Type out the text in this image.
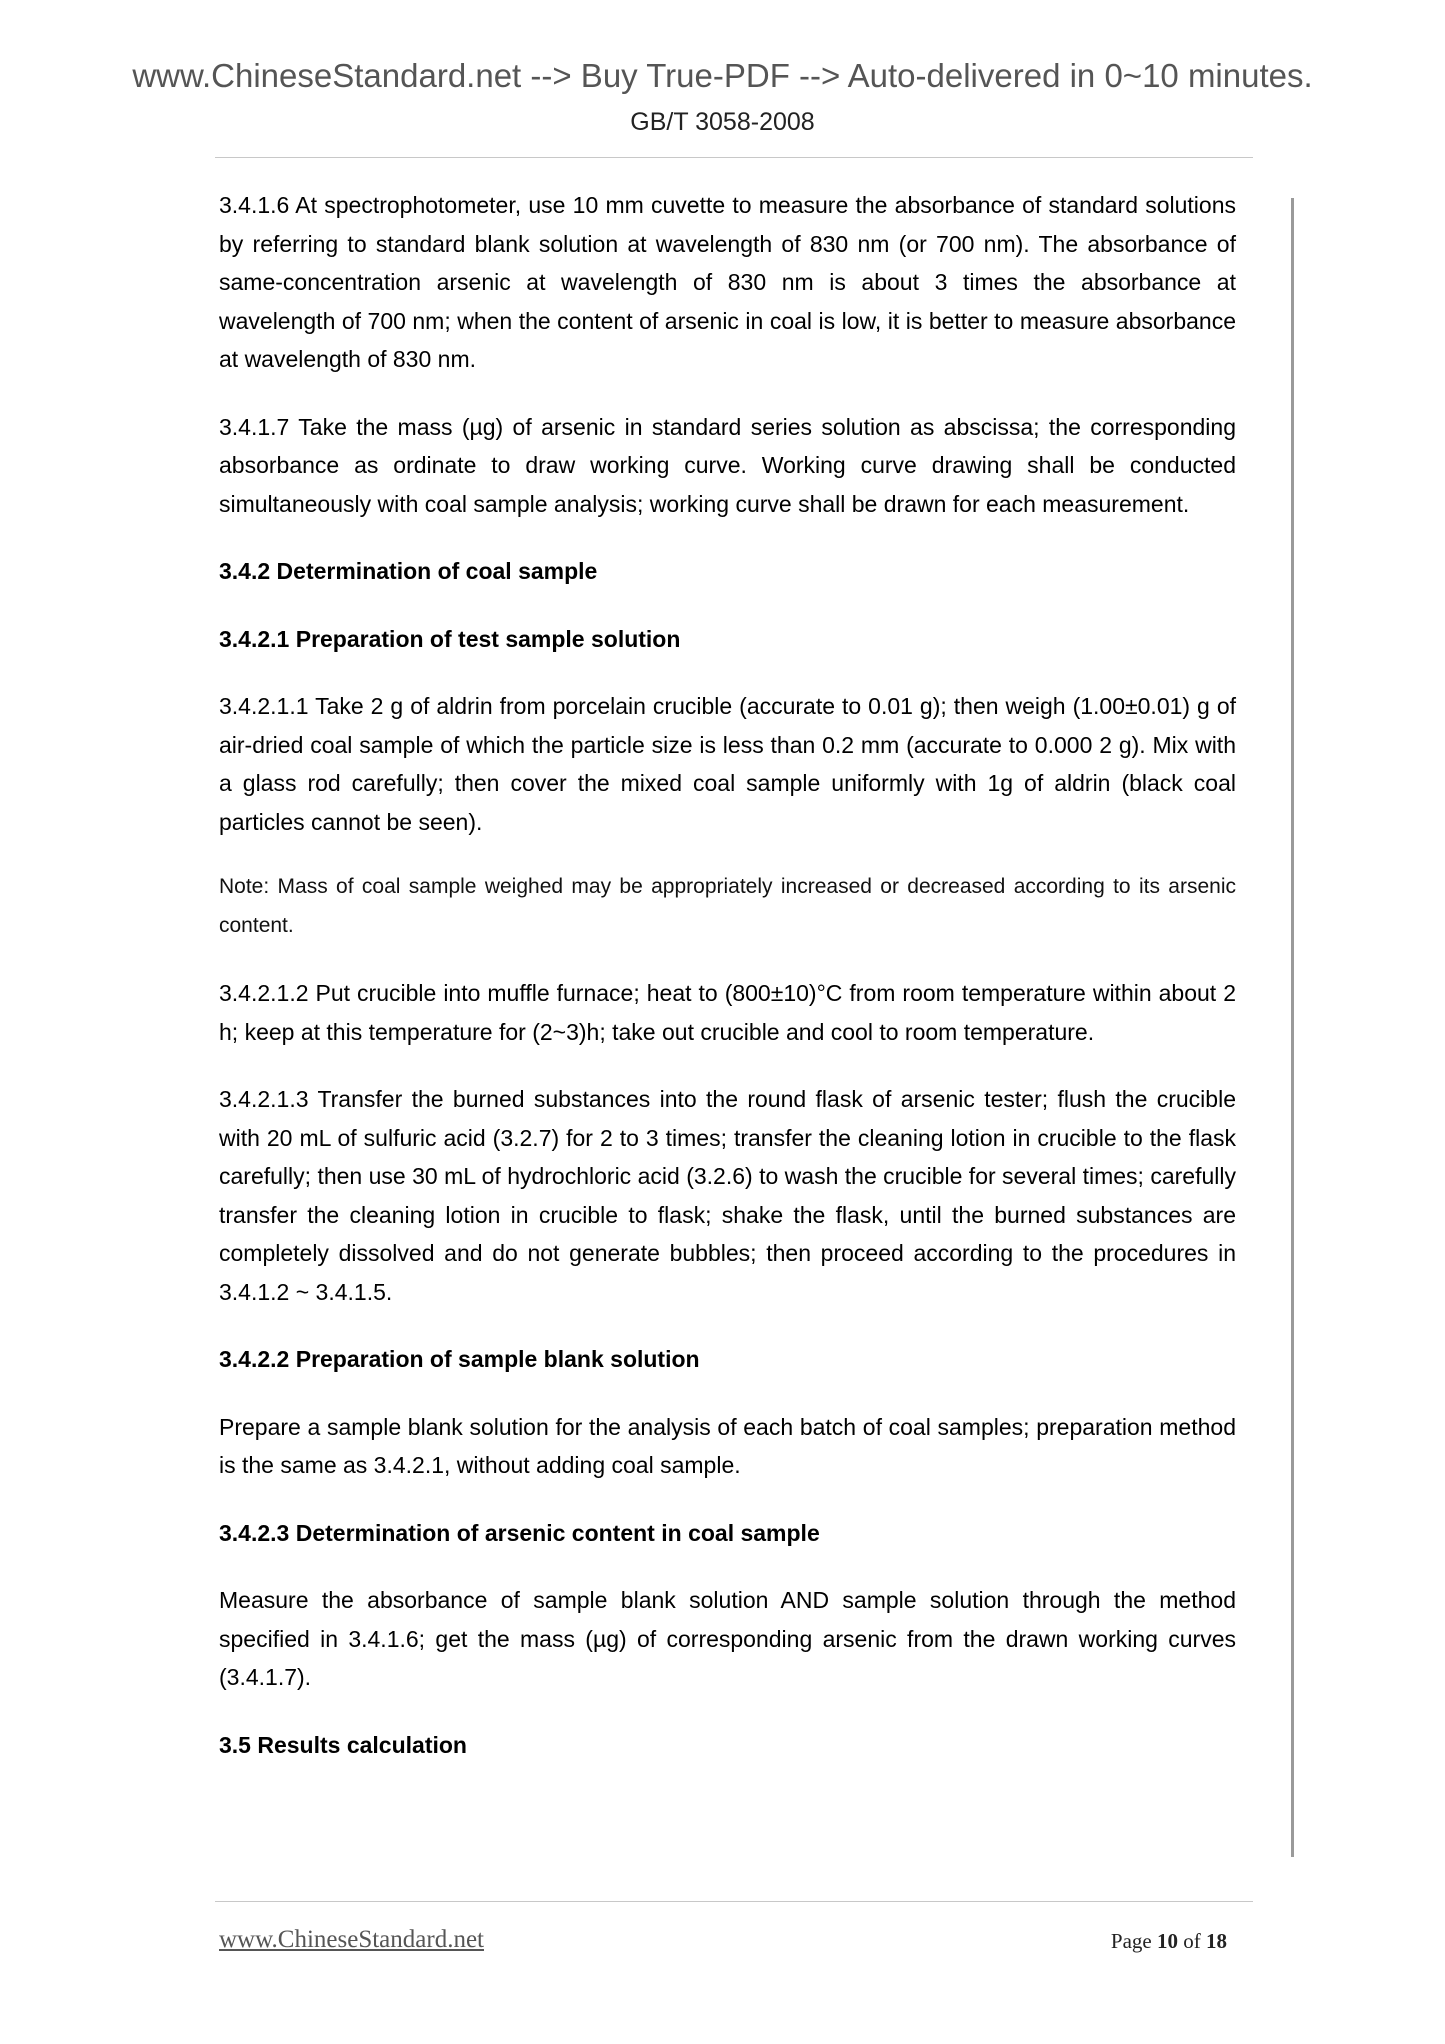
www.ChineseStandard.net --> Buy True-PDF --> Auto-delivered in 0~10 minutes.
GB/T 3058-2008

3.4.1.6 At spectrophotometer, use 10 mm cuvette to measure the absorbance of standard solutions by referring to standard blank solution at wavelength of 830 nm (or 700 nm). The absorbance of same-concentration arsenic at wavelength of 830 nm is about 3 times the absorbance at wavelength of 700 nm; when the content of arsenic in coal is low, it is better to measure absorbance at wavelength of 830 nm.

3.4.1.7 Take the mass (µg) of arsenic in standard series solution as abscissa; the corresponding absorbance as ordinate to draw working curve. Working curve drawing shall be conducted simultaneously with coal sample analysis; working curve shall be drawn for each measurement.

3.4.2 Determination of coal sample

3.4.2.1 Preparation of test sample solution

3.4.2.1.1 Take 2 g of aldrin from porcelain crucible (accurate to 0.01 g); then weigh (1.00±0.01) g of air-dried coal sample of which the particle size is less than 0.2 mm (accurate to 0.000 2 g). Mix with a glass rod carefully; then cover the mixed coal sample uniformly with 1g of aldrin (black coal particles cannot be seen).

Note: Mass of coal sample weighed may be appropriately increased or decreased according to its arsenic content.

3.4.2.1.2 Put crucible into muffle furnace; heat to (800±10)°C from room temperature within about 2 h; keep at this temperature for (2~3)h; take out crucible and cool to room temperature.

3.4.2.1.3 Transfer the burned substances into the round flask of arsenic tester; flush the crucible with 20 mL of sulfuric acid (3.2.7) for 2 to 3 times; transfer the cleaning lotion in crucible to the flask carefully; then use 30 mL of hydrochloric acid (3.2.6) to wash the crucible for several times; carefully transfer the cleaning lotion in crucible to flask; shake the flask, until the burned substances are completely dissolved and do not generate bubbles; then proceed according to the procedures in 3.4.1.2 ~ 3.4.1.5.

3.4.2.2 Preparation of sample blank solution

Prepare a sample blank solution for the analysis of each batch of coal samples; preparation method is the same as 3.4.2.1, without adding coal sample.

3.4.2.3 Determination of arsenic content in coal sample

Measure the absorbance of sample blank solution AND sample solution through the method specified in 3.4.1.6; get the mass (µg) of corresponding arsenic from the drawn working curves (3.4.1.7).

3.5 Results calculation

www.ChineseStandard.net	Page 10 of 18
